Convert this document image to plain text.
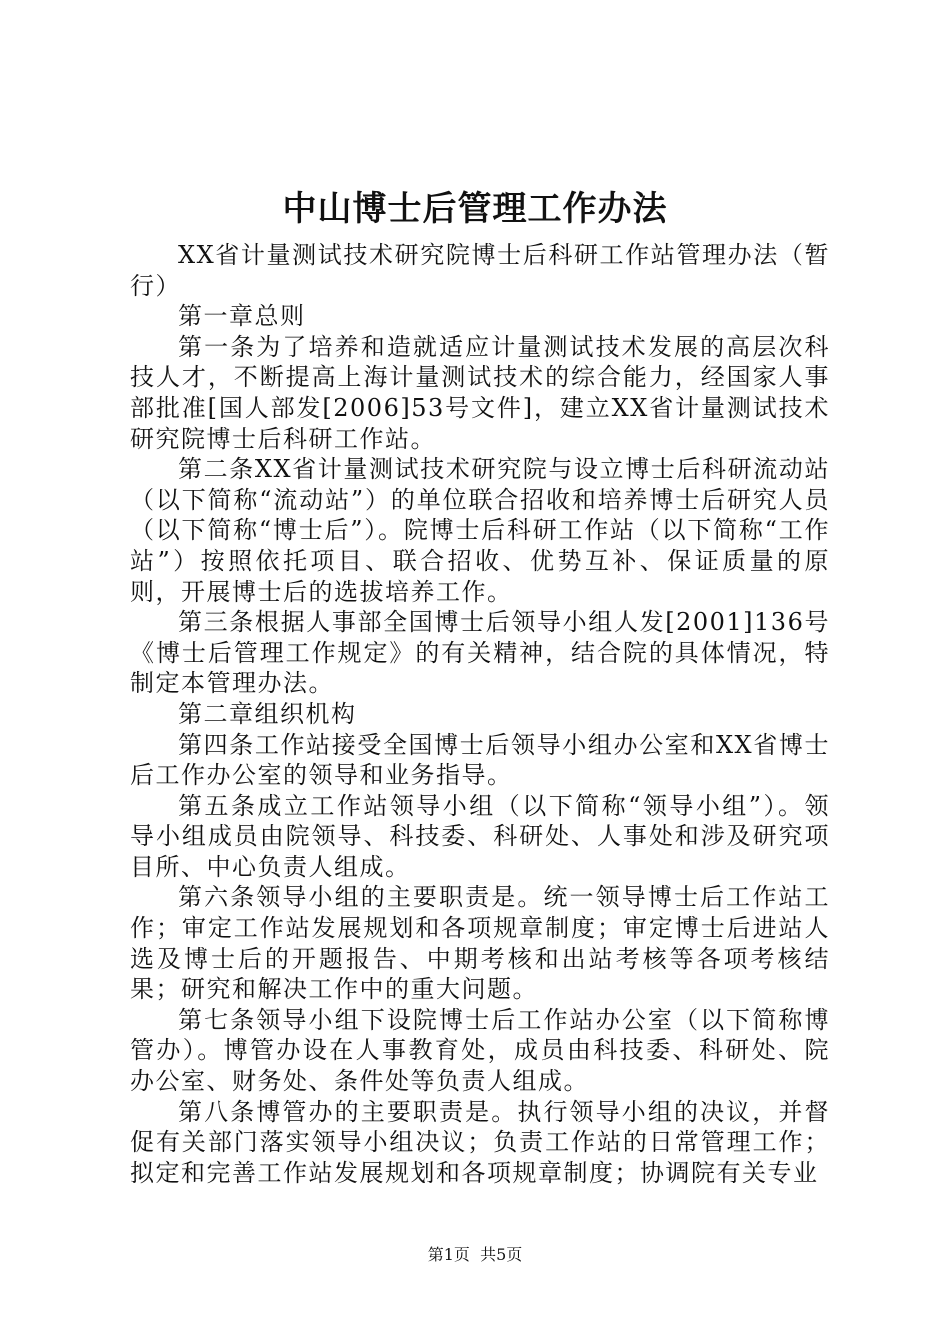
中山博士后管理工作办法

XX省计量测试技术研究院博士后科研工作站管理办法（暂行）

第一章总则

第一条为了培养和造就适应计量测试技术发展的高层次科技人才，不断提高上海计量测试技术的综合能力，经国家人事部批准[国人部发[2006]53号文件]，建立XX省计量测试技术研究院博士后科研工作站。

第二条XX省计量测试技术研究院与设立博士后科研流动站（以下简称“流动站”）的单位联合招收和培养博士后研究人员（以下简称“博士后”）。院博士后科研工作站（以下简称“工作站”）按照依托项目、联合招收、优势互补、保证质量的原则，开展博士后的选拔培养工作。

第三条根据人事部全国博士后领导小组人发[2001]136号《博士后管理工作规定》的有关精神，结合院的具体情况，特制定本管理办法。

第二章组织机构

第四条工作站接受全国博士后领导小组办公室和XX省博士后工作办公室的领导和业务指导。

第五条成立工作站领导小组（以下简称“领导小组”）。领导小组成员由院领导、科技委、科研处、人事处和涉及研究项目所、中心负责人组成。

第六条领导小组的主要职责是。统一领导博士后工作站工作；审定工作站发展规划和各项规章制度；审定博士后进站人选及博士后的开题报告、中期考核和出站考核等各项考核结果；研究和解决工作中的重大问题。

第七条领导小组下设院博士后工作站办公室（以下简称博管办）。博管办设在人事教育处，成员由科技委、科研处、院办公室、财务处、条件处等负责人组成。

第八条博管办的主要职责是。执行领导小组的决议，并督促有关部门落实领导小组决议；负责工作站的日常管理工作；拟定和完善工作站发展规划和各项规章制度；协调院有关专业

第1页 共5页
